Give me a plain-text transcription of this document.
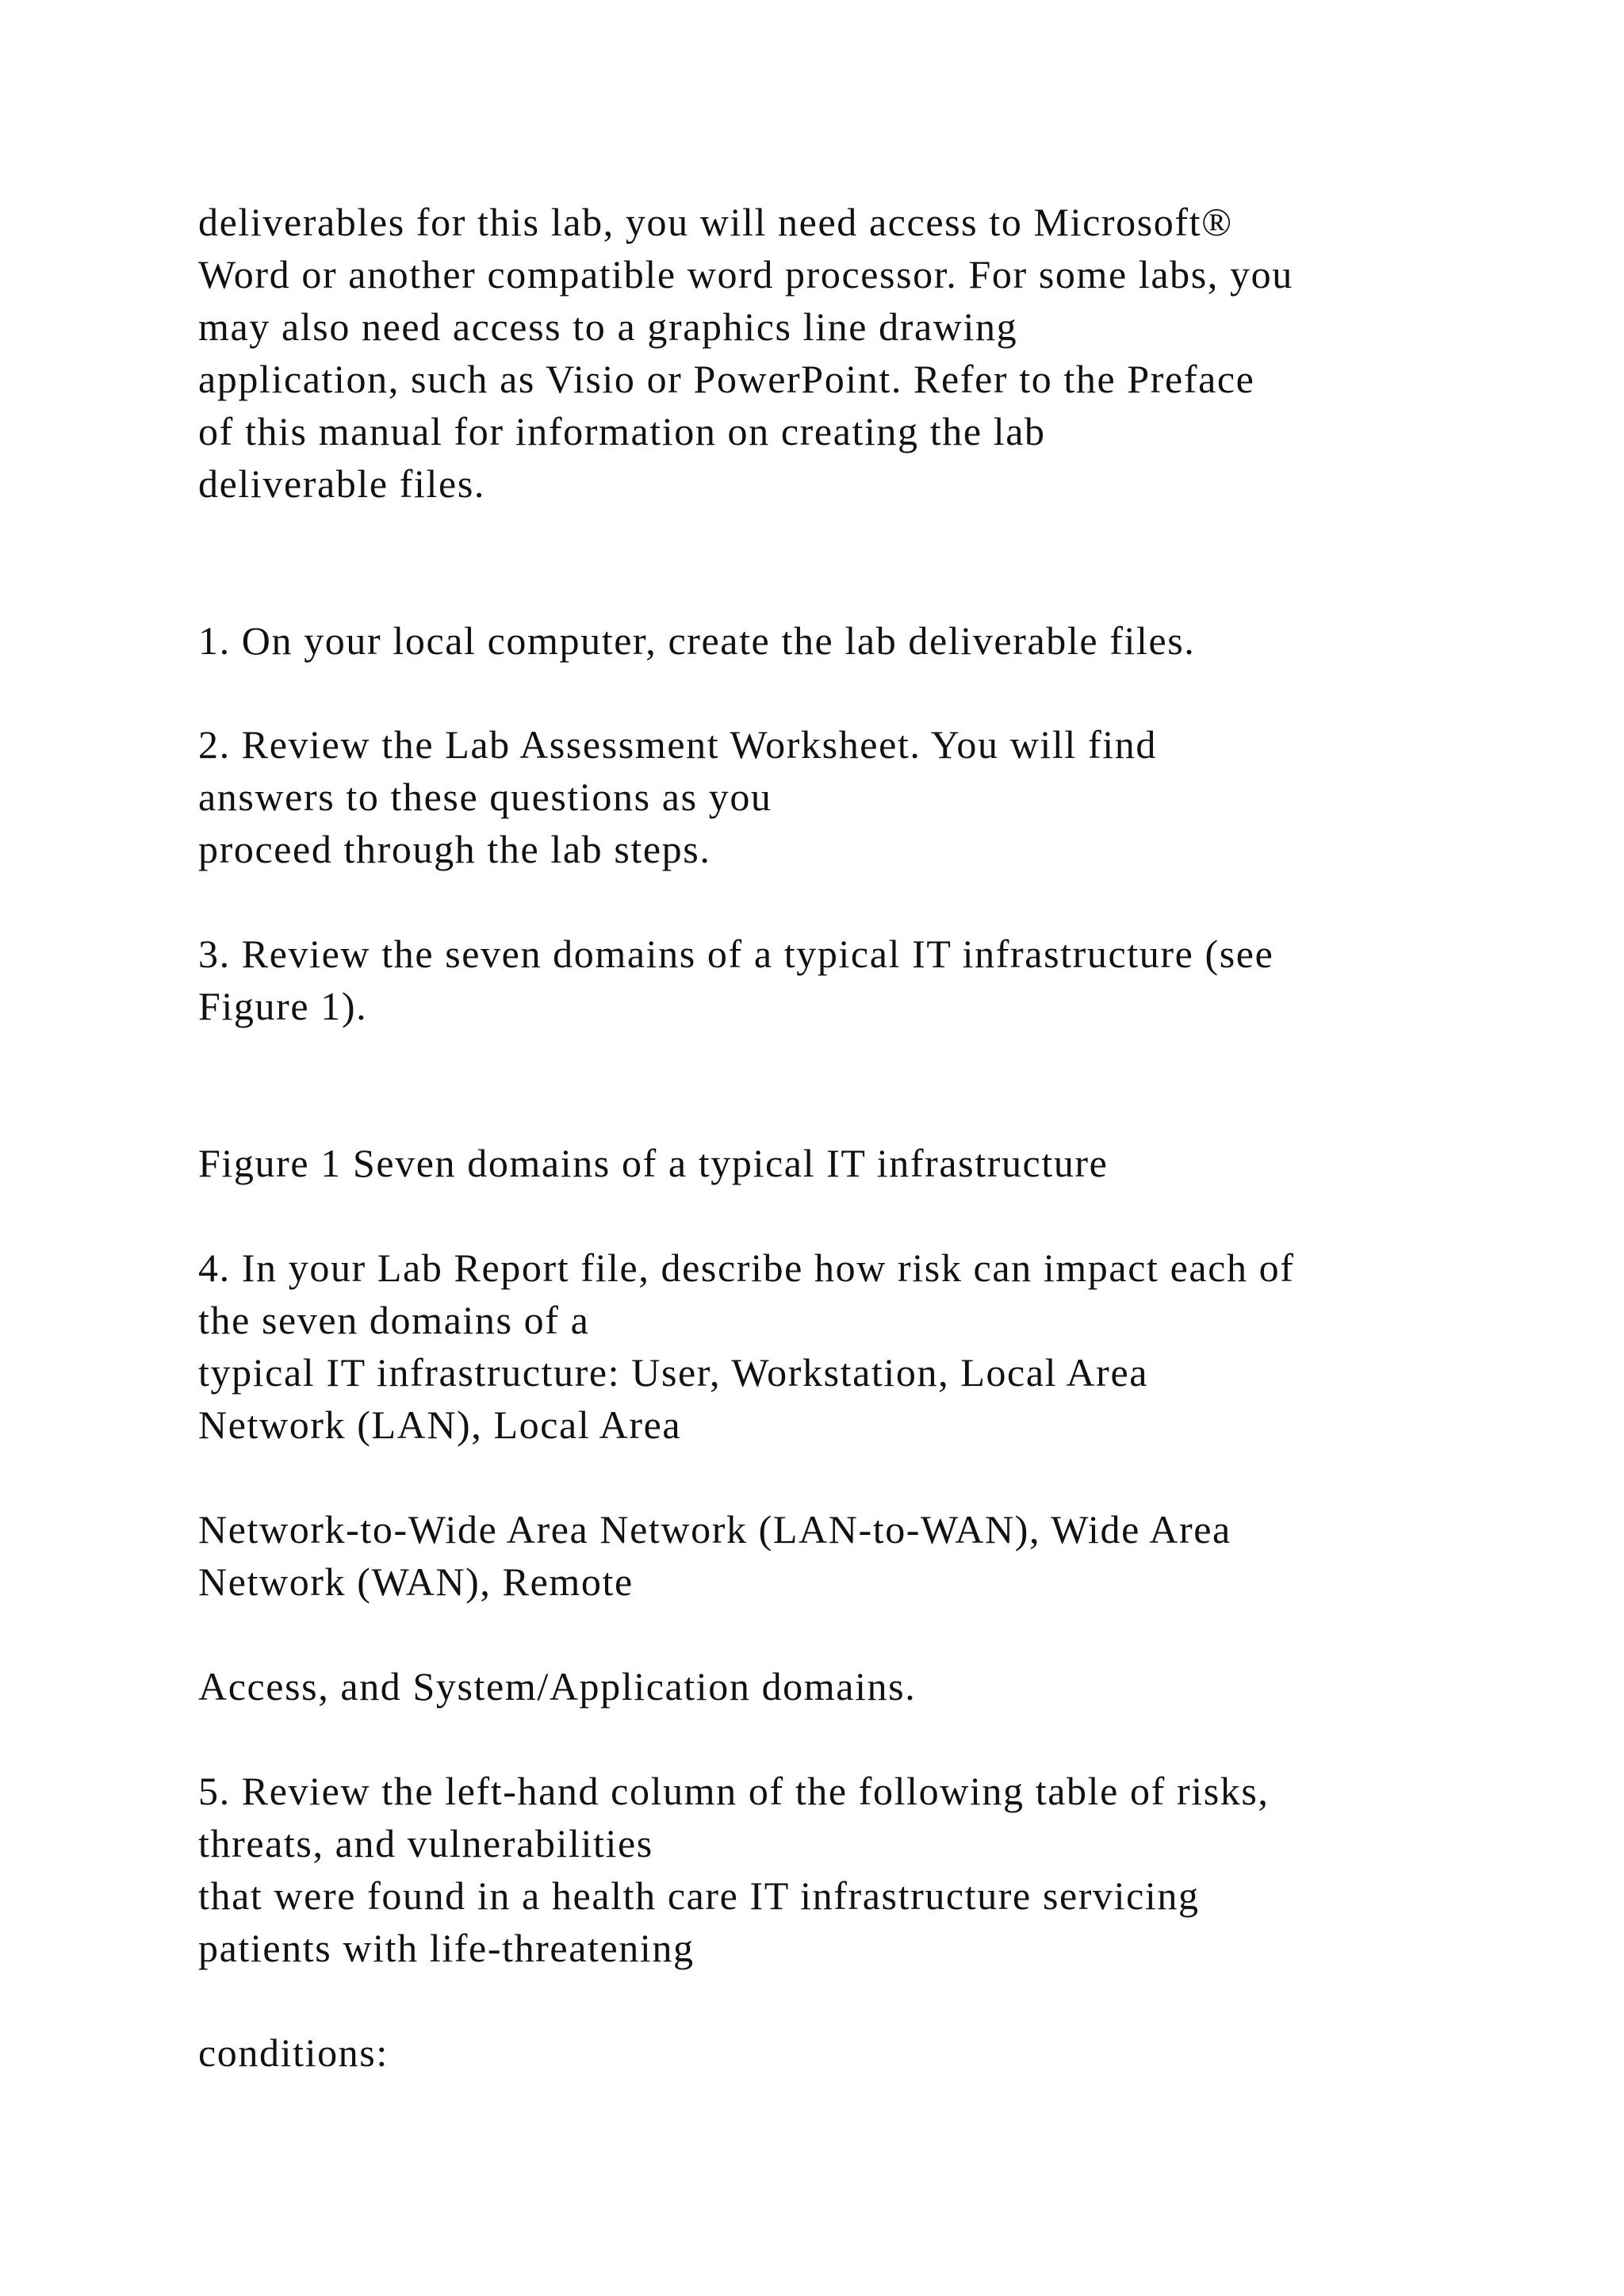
deliverables for this lab, you will need access to Microsoft®
Word or another compatible word processor. For some labs, you
may also need access to a graphics line drawing
application, such as Visio or PowerPoint. Refer to the Preface
of this manual for information on creating the lab
deliverable files.
1. On your local computer, create the lab deliverable files.
2. Review the Lab Assessment Worksheet. You will find
answers to these questions as you
proceed through the lab steps.
3. Review the seven domains of a typical IT infrastructure (see
Figure 1).
Figure 1 Seven domains of a typical IT infrastructure
4. In your Lab Report file, describe how risk can impact each of
the seven domains of a
typical IT infrastructure: User, Workstation, Local Area
Network (LAN), Local Area
Network-to-Wide Area Network (LAN-to-WAN), Wide Area
Network (WAN), Remote
Access, and System/Application domains.
5. Review the left-hand column of the following table of risks,
threats, and vulnerabilities
that were found in a health care IT infrastructure servicing
patients with life-threatening
conditions:
